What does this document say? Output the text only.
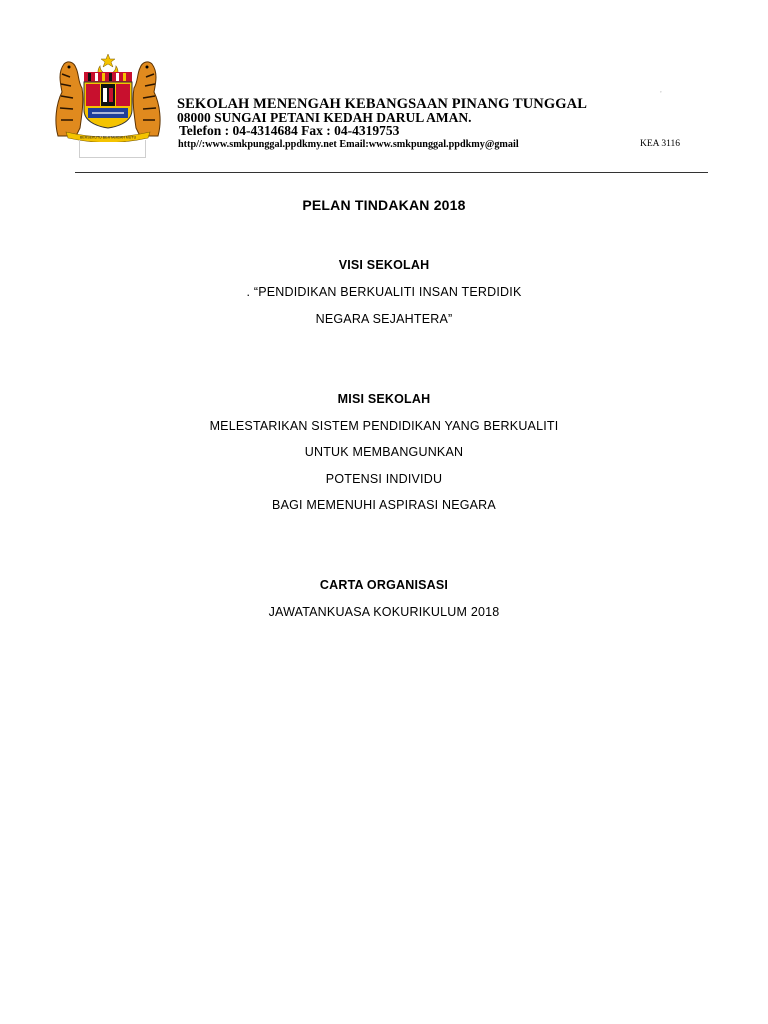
BERSEKUTU BERTAMBAH MUTU
SEKOLAH MENENGAH KEBANGSAAN PINANG TUNGGAL
08000 SUNGAI PETANI KEDAH DARUL AMAN.
Telefon : 04-4314684 Fax : 04-4319753
http//:www.smkpunggal.ppdkmy.net Email:www.smkpunggal.ppdkmy@gmail	KEA 3116
▫
PELAN TINDAKAN 2018
VISI SEKOLAH
. “PENDIDIKAN BERKUALITI INSAN TERDIDIK
NEGARA SEJAHTERA”
MISI SEKOLAH
MELESTARIKAN SISTEM PENDIDIKAN YANG BERKUALITI
UNTUK MEMBANGUNKAN
POTENSI INDIVIDU
BAGI MEMENUHI ASPIRASI NEGARA
CARTA ORGANISASI
JAWATANKUASA KOKURIKULUM 2018
